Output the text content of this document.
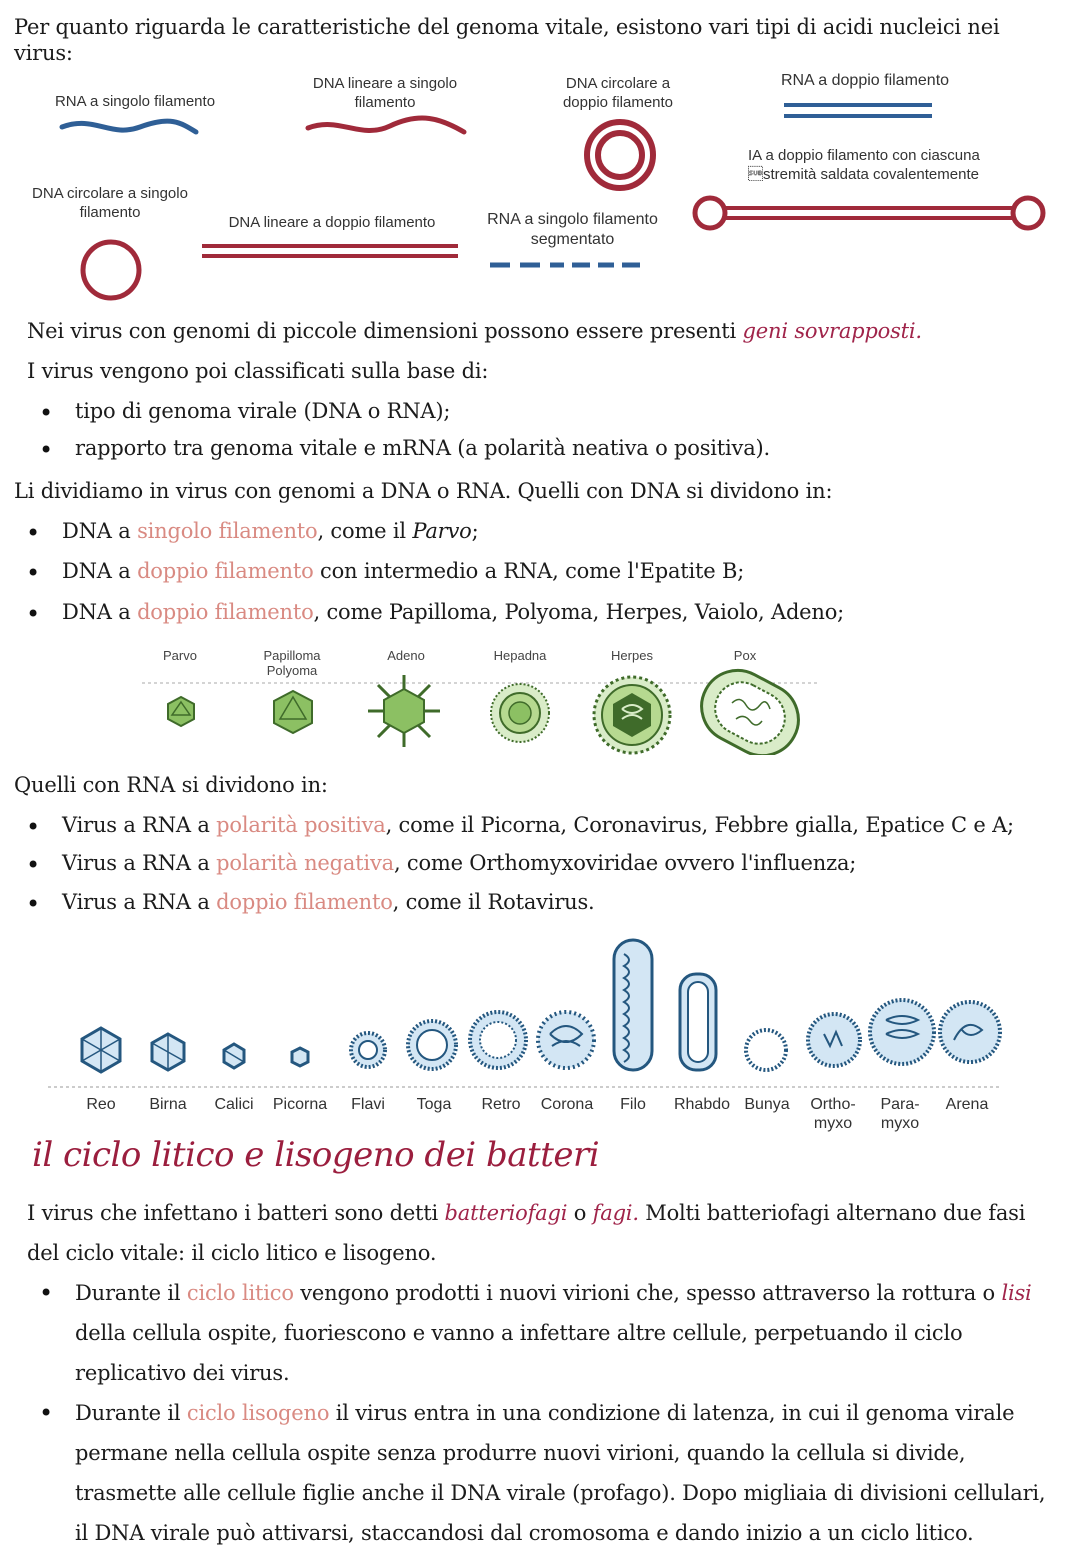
Per quanto riguarda le caratteristiche del genoma vitale, esistono vari tipi di acidi nucleici nei virus:
RNA a singolo filamento
DNA lineare a singolo filamento
DNA circolare a doppio filamento
RNA a doppio filamento
IA a doppio filamento con ciascuna
stremità saldata covalentemente
DNA circolare a singolo filamento
DNA lineare a doppio filamento	RNA a singolo filamento segmentato
Nei virus con genomi di piccole dimensioni possono essere presenti geni sovrapposti.
I virus vengono poi classificati sulla base di:
• tipo di genoma virale (DNA o RNA);
• rapporto tra genoma vitale e mRNA (a polarità neativa o positiva).
Li dividiamo in virus con genomi a DNA o RNA. Quelli con DNA si dividono in:
• DNA a singolo filamento, come il Parvo;
• DNA a doppio filamento con intermedio a RNA, come l'Epatite B;
• DNA a doppio filamento, come Papilloma, Polyoma, Herpes, Vaiolo, Adeno;
Parvo	Papilloma
Polyoma
Adeno	Hepadna	Herpes	Pox
Quelli con RNA si dividono in:
• Virus a RNA a polarità positiva, come il Picorna, Coronavirus, Febbre gialla, Epatice C e A;
• Virus a RNA a polarità negativa, come Orthomyxoviridae ovvero l'influenza;
• Virus a RNA a doppio filamento, come il Rotavirus.
Reo	Birna	Calici	Picorna	Flavi	Toga	Retro	Corona	Filo	Rhabdo Bunya	Ortho-
myxo
Para-
myxo
Arena
il ciclo litico e lisogeno dei batteri
I virus che infettano i batteri sono detti batteriofagi o fagi. Molti batteriofagi alternano due fasi del ciclo vitale: il ciclo litico e lisogeno.
• Durante il ciclo litico vengono prodotti i nuovi virioni che, spesso attraverso la rottura o lisi della cellula ospite, fuoriescono e vanno a infettare altre cellule, perpetuando il ciclo replicativo dei virus.
• Durante il ciclo lisogeno il virus entra in una condizione di latenza, in cui il genoma virale permane nella cellula ospite senza produrre nuovi virioni, quando la cellula si divide, trasmette alle cellule figlie anche il DNA virale (profago). Dopo migliaia di divisioni cellulari, il DNA virale può attivarsi, staccandosi dal cromosoma e dando inizio a un ciclo litico.
